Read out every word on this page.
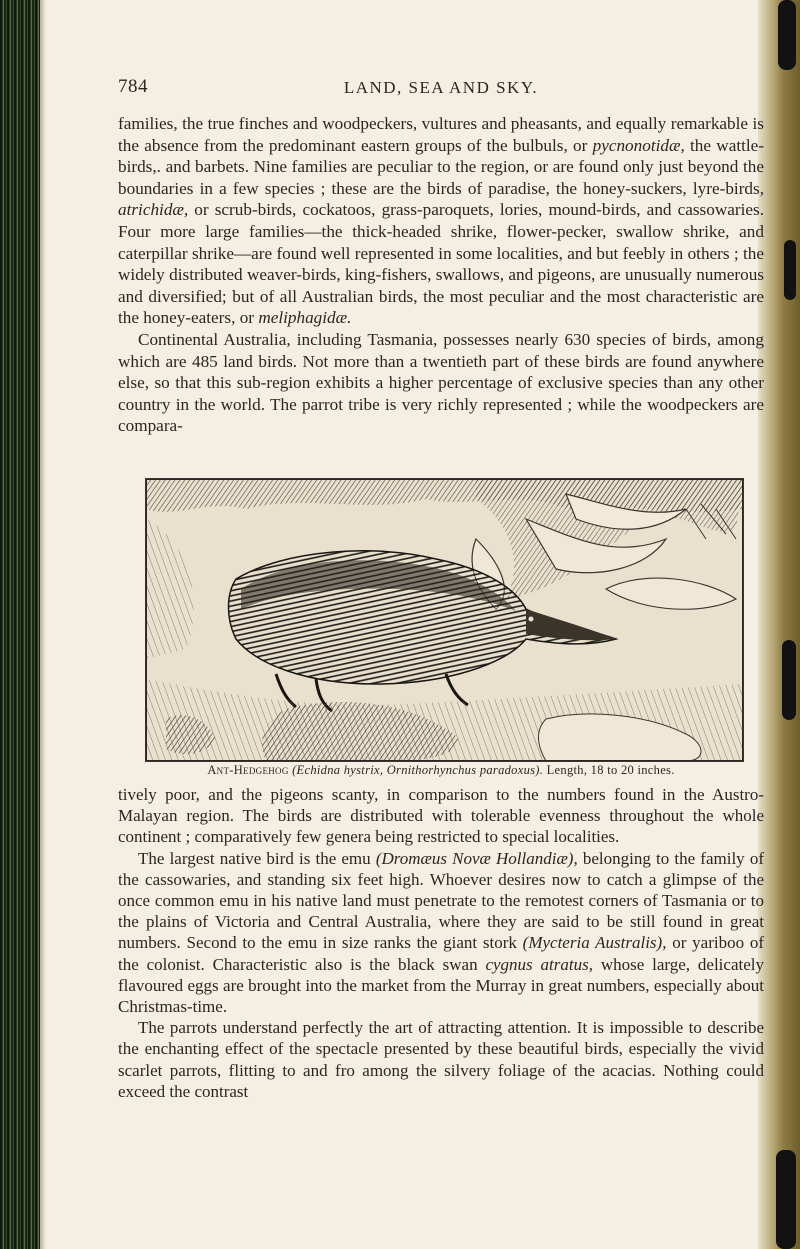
784	LAND, SEA AND SKY.

families, the true finches and woodpeckers, vultures and pheasants, and equally remarkable is the absence from the predominant eastern groups of the bulbuls, or pycnonotidæ, the wattle-birds,. and barbets. Nine families are peculiar to the region, or are found only just beyond the boundaries in a few species ; these are the birds of paradise, the honey-suckers, lyre-birds, atrichidæ, or scrub-birds, cockatoos, grass-paroquets, lories, mound-birds, and cassowaries. Four more large families—the thick-headed shrike, flower-pecker, swallow shrike, and caterpillar shrike—are found well represented in some localities, and but feebly in others ; the widely distributed weaver-birds, king-fishers, swallows, and pigeons, are unusually numerous and diversified; but of all Australian birds, the most peculiar and the most characteristic are the honey-eaters, or meliphagidæ.

Continental Australia, including Tasmania, possesses nearly 630 species of birds, among which are 485 land birds. Not more than a twentieth part of these birds are found anywhere else, so that this sub-region exhibits a higher percentage of exclusive species than any other country in the world. The parrot tribe is very richly represented ; while the woodpeckers are compara-

Ant-Hedgehog (Echidna hystrix, Ornithorhynchus paradoxus). Length, 18 to 20 inches.

tively poor, and the pigeons scanty, in comparison to the numbers found in the Austro-Malayan region. The birds are distributed with tolerable evenness throughout the whole continent ; comparatively few genera being restricted to special localities.

The largest native bird is the emu (Dromæus Novæ Hollandiæ), belonging to the family of the cassowaries, and standing six feet high. Whoever desires now to catch a glimpse of the once common emu in his native land must penetrate to the remotest corners of Tasmania or to the plains of Victoria and Central Australia, where they are said to be still found in great numbers. Second to the emu in size ranks the giant stork (Mycteria Australis), or yariboo of the colonist. Characteristic also is the black swan cygnus atratus, whose large, delicately flavoured eggs are brought into the market from the Murray in great numbers, especially about Christmas-time.

The parrots understand perfectly the art of attracting attention. It is impossible to describe the enchanting effect of the spectacle presented by these beautiful birds, especially the vivid scarlet parrots, flitting to and fro among the silvery foliage of the acacias. Nothing could exceed the contrast
